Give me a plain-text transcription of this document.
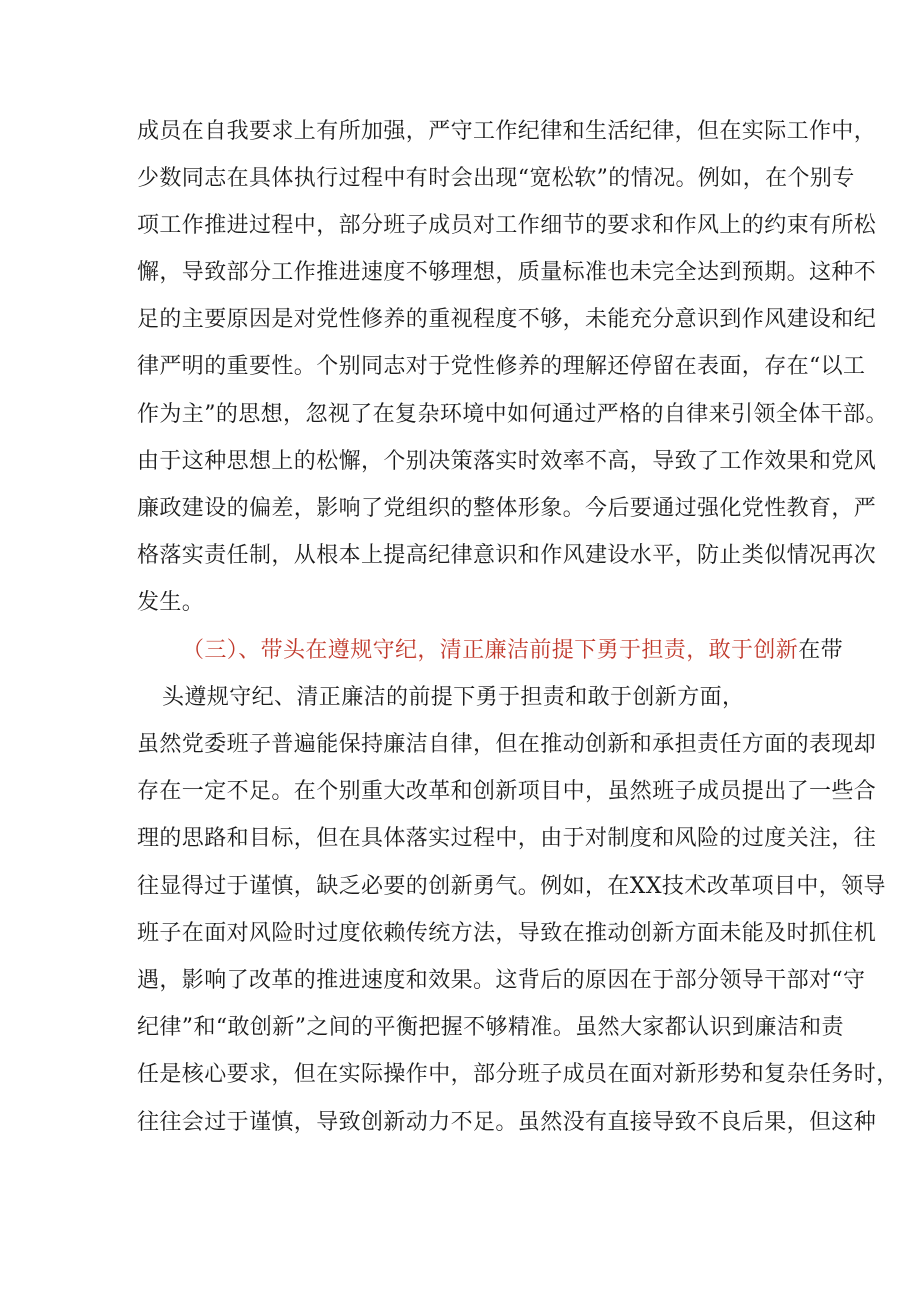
成员在自我要求上有所加强，严守工作纪律和生活纪律，但在实际工作中，
少数同志在具体执行过程中有时会出现“宽松软”的情况。例如，在个别专
项工作推进过程中，部分班子成员对工作细节的要求和作风上的约束有所松
懈，导致部分工作推进速度不够理想，质量标准也未完全达到预期。这种不
足的主要原因是对党性修养的重视程度不够，未能充分意识到作风建设和纪
律严明的重要性。个别同志对于党性修养的理解还停留在表面，存在“以工
作为主”的思想，忽视了在复杂环境中如何通过严格的自律来引领全体干部。
由于这种思想上的松懈，个别决策落实时效率不高，导致了工作效果和党风
廉政建设的偏差，影响了党组织的整体形象。今后要通过强化党性教育，严
格落实责任制，从根本上提高纪律意识和作风建设水平，防止类似情况再次
发生。
（三）、带头在遵规守纪，清正廉洁前提下勇于担责，敢于创新在带
头遵规守纪、清正廉洁的前提下勇于担责和敢于创新方面，
虽然党委班子普遍能保持廉洁自律，但在推动创新和承担责任方面的表现却
存在一定不足。在个别重大改革和创新项目中，虽然班子成员提出了一些合
理的思路和目标，但在具体落实过程中，由于对制度和风险的过度关注，往
往显得过于谨慎，缺乏必要的创新勇气。例如，在XX技术改革项目中，领导
班子在面对风险时过度依赖传统方法，导致在推动创新方面未能及时抓住机
遇，影响了改革的推进速度和效果。这背后的原因在于部分领导干部对“守
纪律”和“敢创新”之间的平衡把握不够精准。虽然大家都认识到廉洁和责
任是核心要求，但在实际操作中，部分班子成员在面对新形势和复杂任务时，
往往会过于谨慎，导致创新动力不足。虽然没有直接导致不良后果，但这种
